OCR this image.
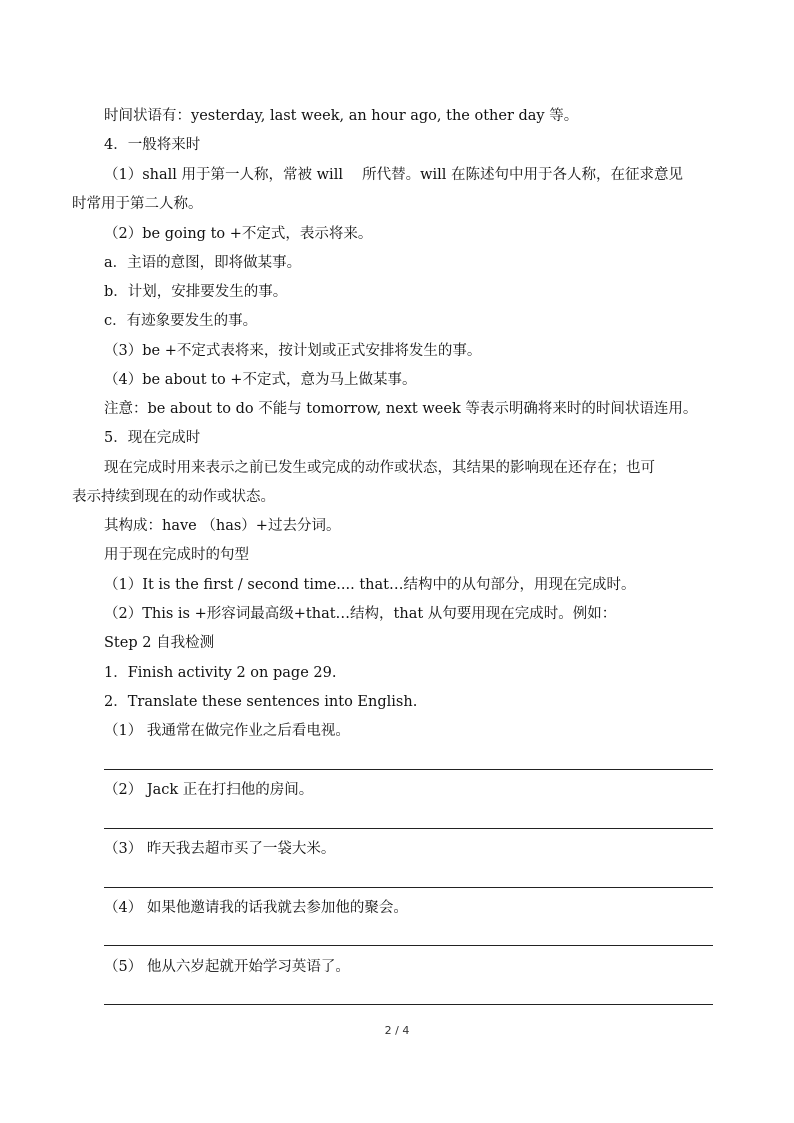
时间状语有：yesterday, last week, an hour ago, the other day 等。
4．一般将来时
（1）shall 用于第一人称，常被 will　 所代替。will 在陈述句中用于各人称，在征求意见
时常用于第二人称。
（2）be going to +不定式，表示将来。
a．主语的意图，即将做某事。
b．计划，安排要发生的事。
c．有迹象要发生的事。
（3）be +不定式表将来，按计划或正式安排将发生的事。
（4）be about to +不定式，意为马上做某事。
注意：be about to do 不能与 tomorrow, next week 等表示明确将来时的时间状语连用。
5．现在完成时
现在完成时用来表示之前已发生或完成的动作或状态，其结果的影响现在还存在；也可
表示持续到现在的动作或状态。
其构成：have （has）+过去分词。
用于现在完成时的句型
（1）It is the first / second time.... that…结构中的从句部分，用现在完成时。
（2）This is +形容词最高级+that…结构，that 从句要用现在完成时。例如：
Step 2 自我检测
1．Finish activity 2 on page 29.
2．Translate these sentences into English.
（1） 我通常在做完作业之后看电视。
（2） Jack 正在打扫他的房间。
（3） 昨天我去超市买了一袋大米。
（4） 如果他邀请我的话我就去参加他的聚会。
（5） 他从六岁起就开始学习英语了。
2 / 4
